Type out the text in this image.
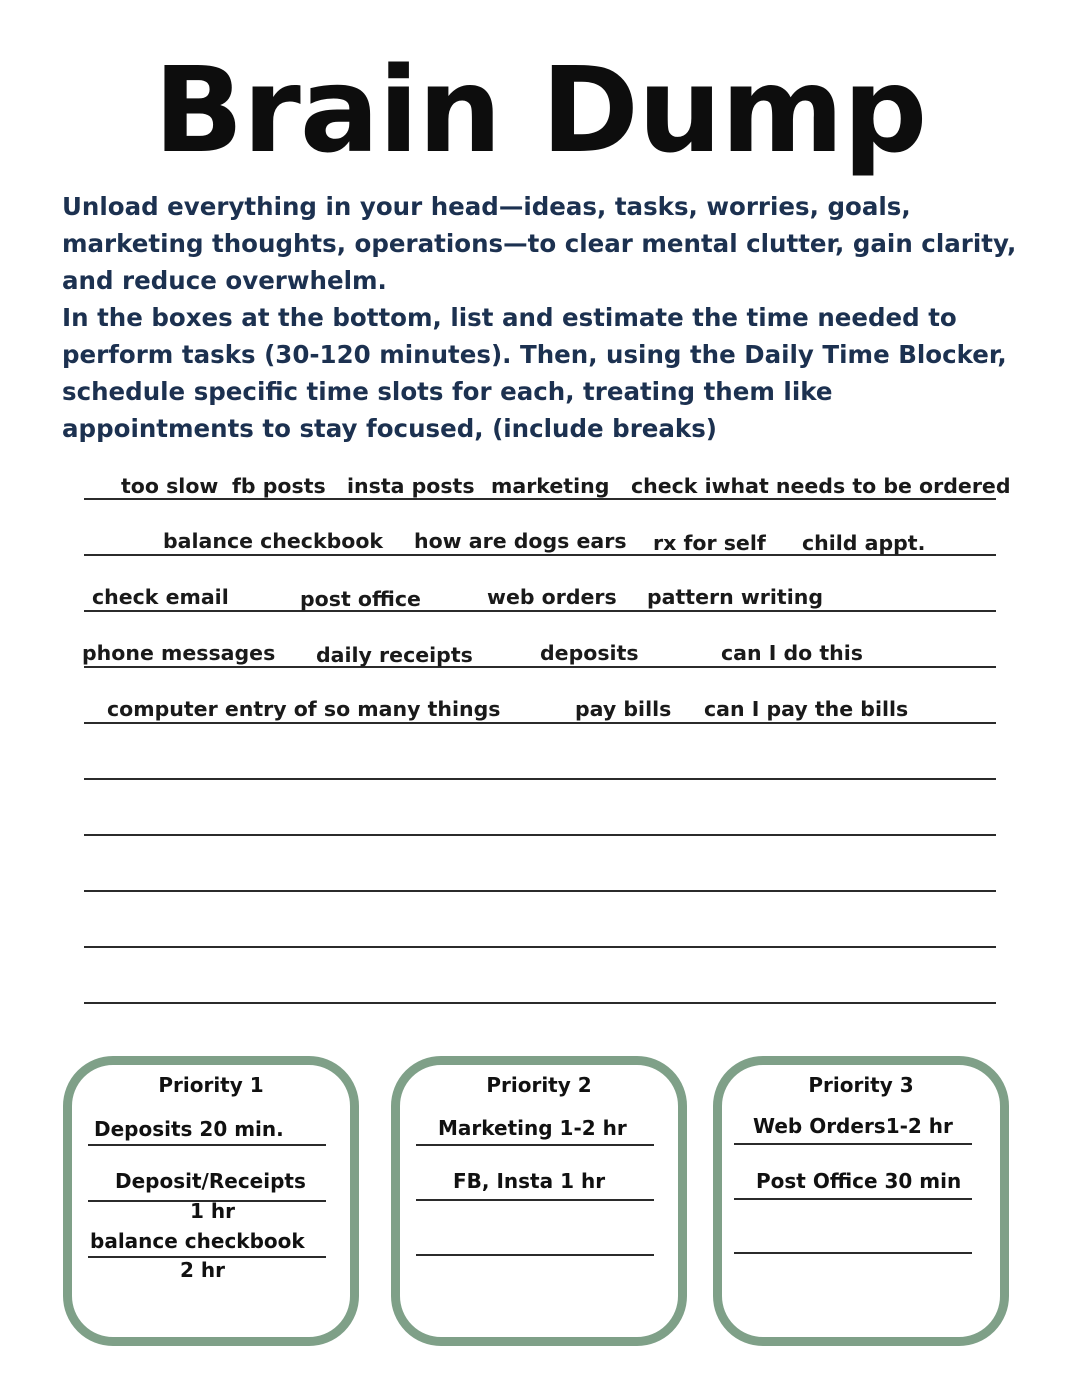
Brain Dump

Unload everything in your head—ideas, tasks, worries, goals, marketing thoughts, operations—to clear mental clutter, gain clarity, and reduce overwhelm.

In the boxes at the bottom, list and estimate the time needed to perform tasks (30-120 minutes). Then, using the Daily Time Blocker, schedule specific time slots for each, treating them like appointments to stay focused, (include breaks)

too slow fb posts insta posts marketing check iwhat needs to be ordered
balance checkbook how are dogs ears rx for self child appt.
check email	post office	web orders pattern writing
phone messages daily receipts	deposits	can I do this
computer entry of so many things	pay bills can I pay the bills
Priority 1	Priority 2	Priority 3
Deposits 20 min.
Deposit/Receipts
1 hr
balance checkbook
2 hr
Marketing 1-2 hr
FB, Insta 1 hr
Web Orders1-2 hr
Post Office 30 min
